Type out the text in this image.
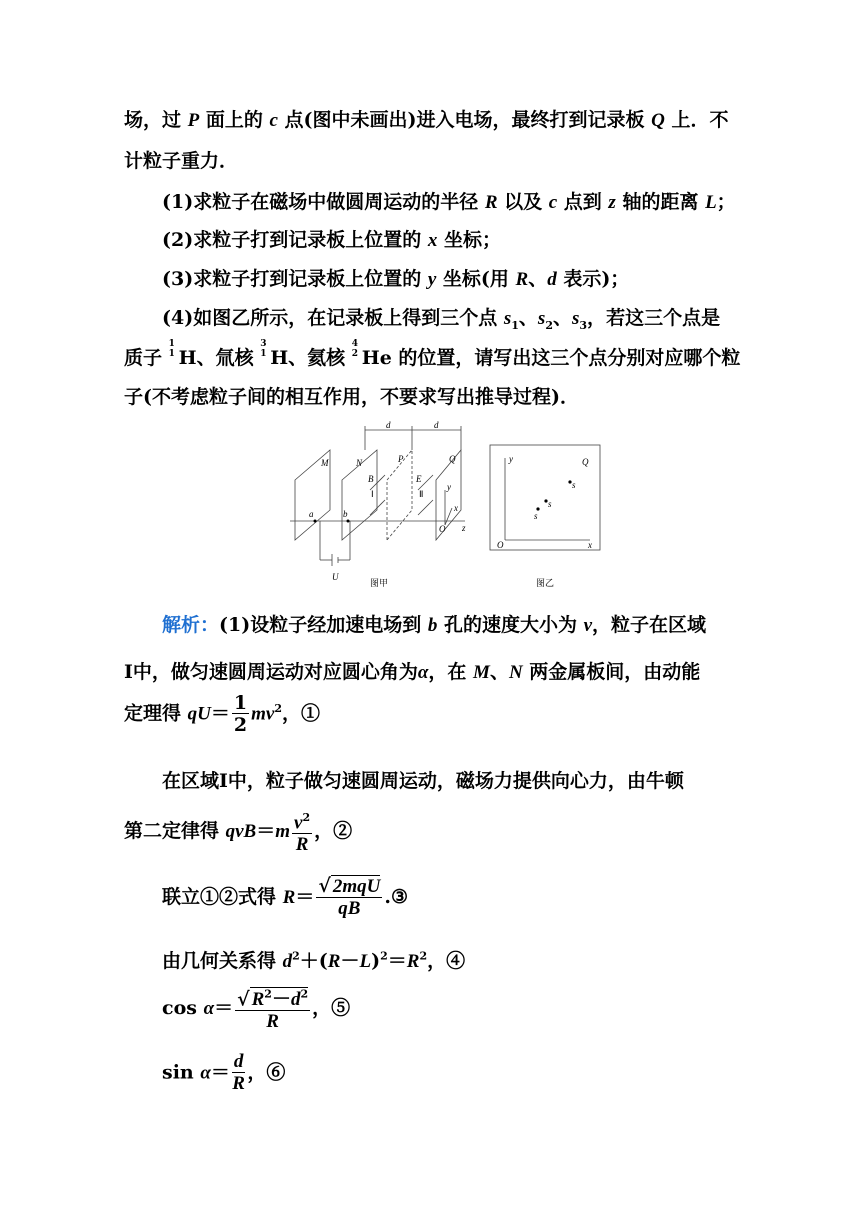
场，过 P 面上的 c 点(图中未画出)进入电场，最终打到记录板 Q 上．不
计粒子重力．
(1)求粒子在磁场中做圆周运动的半径 R 以及 c 点到 z 轴的距离 L；
(2)求粒子打到记录板上位置的 x 坐标；
(3)求粒子打到记录板上位置的 y 坐标(用 R、d 表示)；
(4)如图乙所示，在记录板上得到三个点 $s_1$、$s_2$、$s_3$，若这三个点是
质子
1
1 H、氚核
3
1 H、氦核
4
2 He 的位置，请写出这三个点分别对应哪个粒
子(不考虑粒子间的相互作用，不要求写出推导过程)．
M	N
B
P
E
Q
Ⅰ	Ⅱ
a	b
d	d
O
x
y
z
U
Q
y
x
O
s
s
s
图甲	图乙
解析：(1)设粒子经加速电场到 b 孔的速度大小为 v，粒子在区域
Ⅰ中，做匀速圆周运动对应圆心角为α，在 M、N 两金属板间，由动能
定理得 $qU= \frac{1}{2} mv^2$，①
在区域Ⅰ中，粒子做匀速圆周运动，磁场力提供向心力，由牛顿
第二定律得 $qvB=m \frac{v^2}{R}$ ，②
联立①②式得 $R= \frac{\text{√ 2mqU}}{qB}$ .③
由几何关系得 $d^2+(R-L)^2=R^2$，④
$\cos \alpha= \frac{√ R^2-d^2}{R}$ ，⑤
$\sin \alpha= \frac{d}{R}$ ，⑥
